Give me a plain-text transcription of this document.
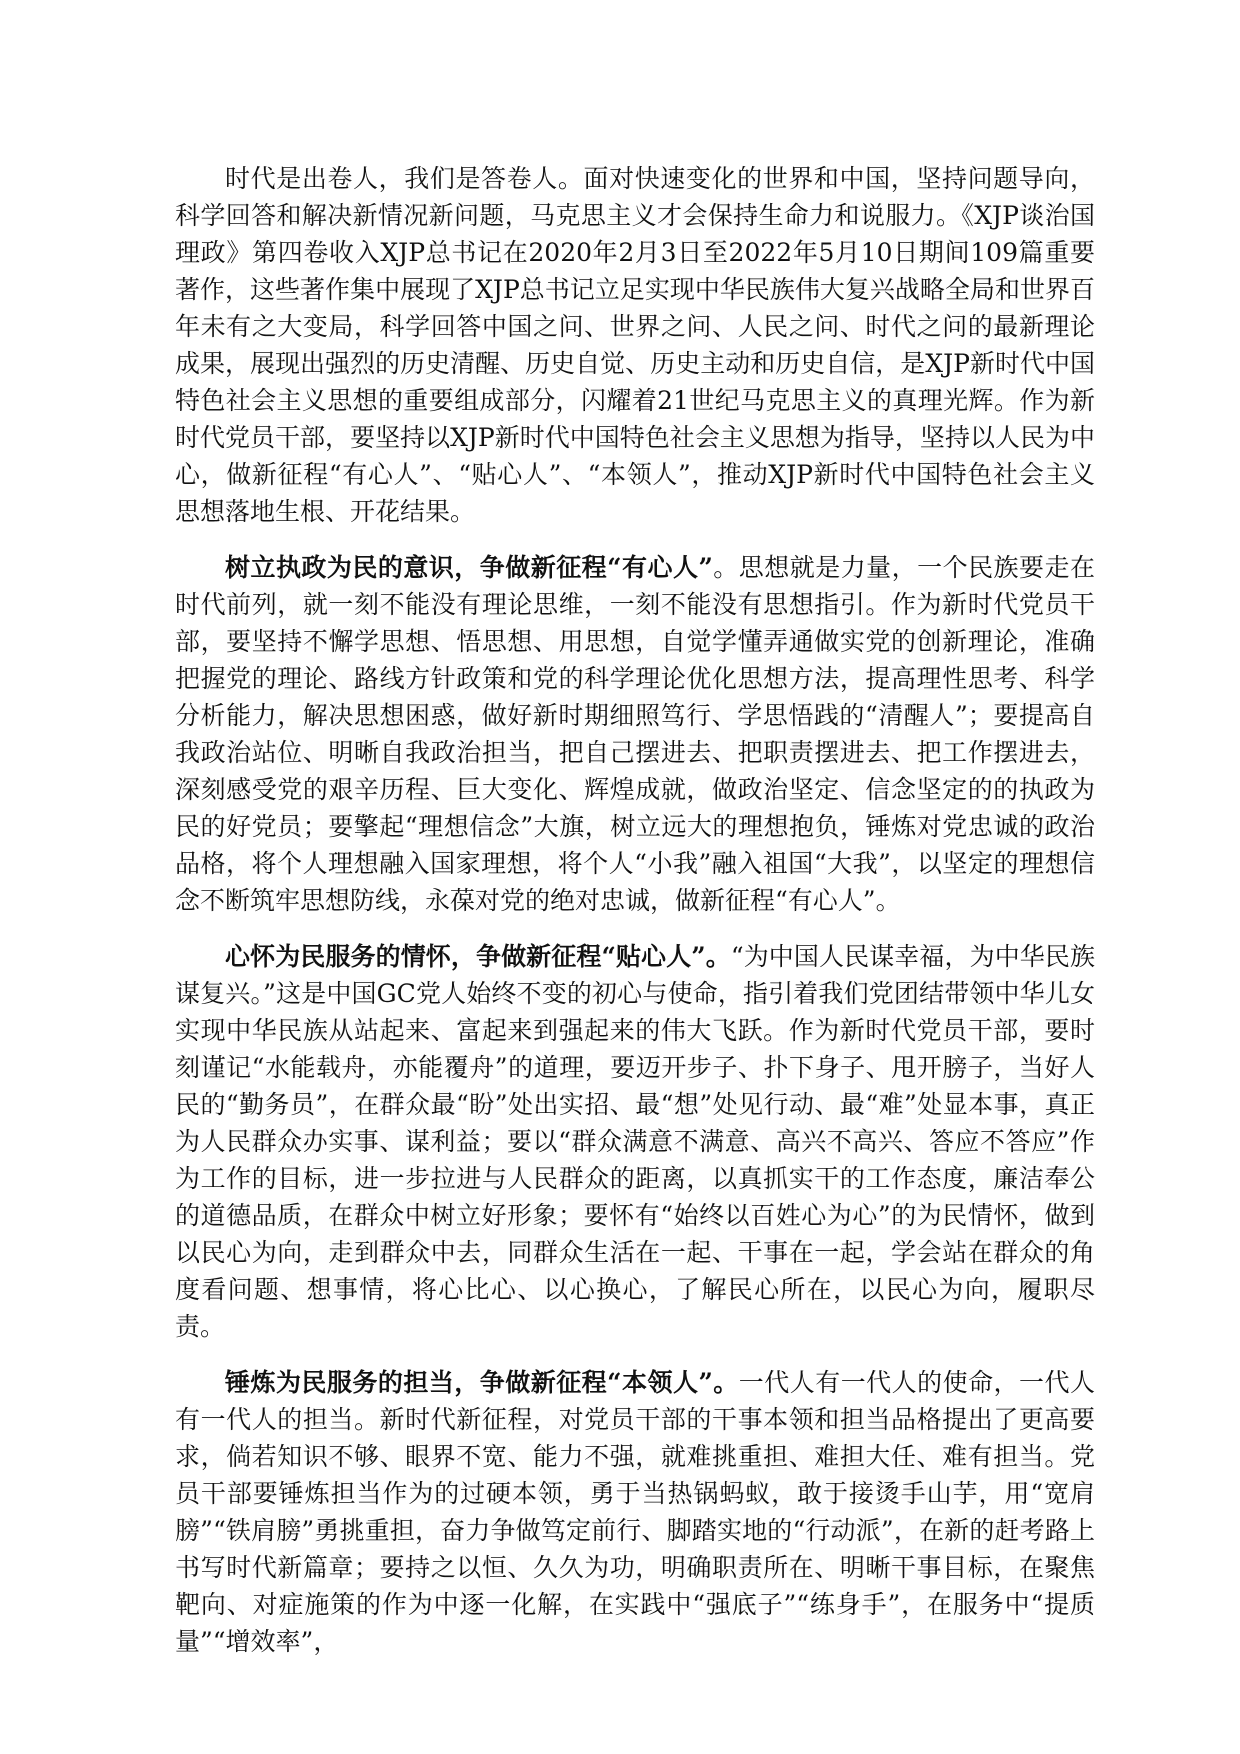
时代是出卷人，我们是答卷人。面对快速变化的世界和中国，坚持问题导向，科学回答和解决新情况新问题，马克思主义才会保持生命力和说服力。《XJP谈治国理政》第四卷收入XJP总书记在2020年2月3日至2022年5月10日期间109篇重要著作，这些著作集中展现了XJP总书记立足实现中华民族伟大复兴战略全局和世界百年未有之大变局，科学回答中国之问、世界之问、人民之问、时代之问的最新理论成果，展现出强烈的历史清醒、历史自觉、历史主动和历史自信，是XJP新时代中国特色社会主义思想的重要组成部分，闪耀着21世纪马克思主义的真理光辉。作为新时代党员干部，要坚持以XJP新时代中国特色社会主义思想为指导，坚持以人民为中心，做新征程“有心人”、“贴心人”、“本领人”，推动XJP新时代中国特色社会主义思想落地生根、开花结果。

树立执政为民的意识，争做新征程“有心人”。思想就是力量，一个民族要走在时代前列，就一刻不能没有理论思维，一刻不能没有思想指引。作为新时代党员干部，要坚持不懈学思想、悟思想、用思想，自觉学懂弄通做实党的创新理论，准确把握党的理论、路线方针政策和党的科学理论优化思想方法，提高理性思考、科学分析能力，解决思想困惑，做好新时期细照笃行、学思悟践的“清醒人”；要提高自我政治站位、明晰自我政治担当，把自己摆进去、把职责摆进去、把工作摆进去，深刻感受党的艰辛历程、巨大变化、辉煌成就，做政治坚定、信念坚定的的执政为民的好党员；要擎起“理想信念”大旗，树立远大的理想抱负，锤炼对党忠诚的政治品格，将个人理想融入国家理想，将个人“小我”融入祖国“大我”，以坚定的理想信念不断筑牢思想防线，永葆对党的绝对忠诚，做新征程“有心人”。

心怀为民服务的情怀，争做新征程“贴心人”。“为中国人民谋幸福，为中华民族谋复兴。”这是中国GC党人始终不变的初心与使命，指引着我们党团结带领中华儿女实现中华民族从站起来、富起来到强起来的伟大飞跃。作为新时代党员干部，要时刻谨记“水能载舟，亦能覆舟”的道理，要迈开步子、扑下身子、甩开膀子，当好人民的“勤务员”，在群众最“盼”处出实招、最“想”处见行动、最“难”处显本事，真正为人民群众办实事、谋利益；要以“群众满意不满意、高兴不高兴、答应不答应”作为工作的目标，进一步拉进与人民群众的距离，以真抓实干的工作态度，廉洁奉公的道德品质，在群众中树立好形象；要怀有“始终以百姓心为心”的为民情怀，做到以民心为向，走到群众中去，同群众生活在一起、干事在一起，学会站在群众的角度看问题、想事情，将心比心、以心换心，了解民心所在，以民心为向，履职尽责。

锤炼为民服务的担当，争做新征程“本领人”。一代人有一代人的使命，一代人有一代人的担当。新时代新征程，对党员干部的干事本领和担当品格提出了更高要求，倘若知识不够、眼界不宽、能力不强，就难挑重担、难担大任、难有担当。党员干部要锤炼担当作为的过硬本领，勇于当热锅蚂蚁，敢于接烫手山芋，用“宽肩膀”“铁肩膀”勇挑重担，奋力争做笃定前行、脚踏实地的“行动派”，在新的赶考路上书写时代新篇章；要持之以恒、久久为功，明确职责所在、明晰干事目标，在聚焦靶向、对症施策的作为中逐一化解，在实践中“强底子”“练身手”，在服务中“提质量”“增效率”，
